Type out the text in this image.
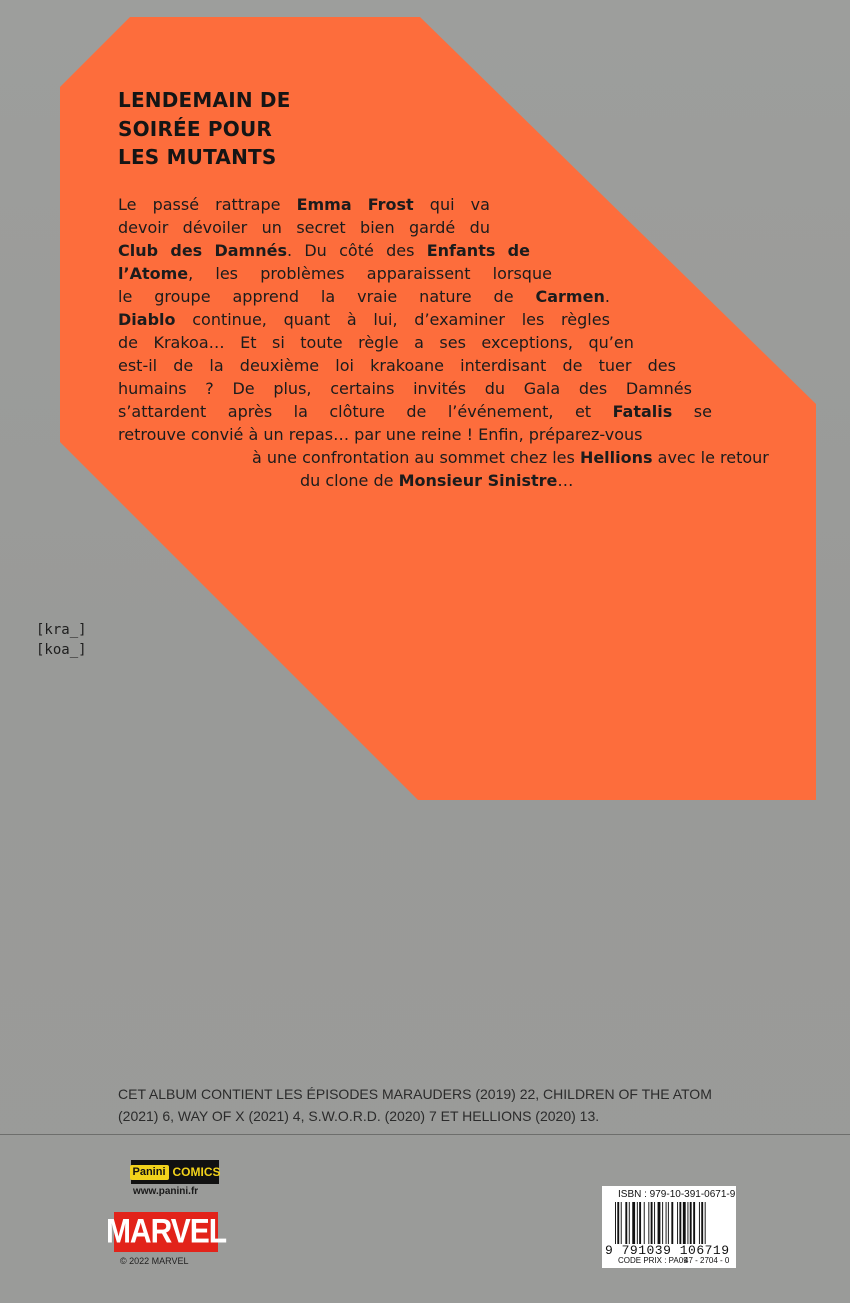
LENDEMAIN DE
SOIRÉE POUR
LES MUTANTS
Le passé rattrape Emma Frost qui va
devoir dévoiler un secret bien gardé du
Club des Damnés. Du côté des Enfants de
l’Atome, les problèmes apparaissent lorsque
le groupe apprend la vraie nature de Carmen.
Diablo continue, quant à lui, d’examiner les règles
de Krakoa… Et si toute règle a ses exceptions, qu’en
est-il de la deuxième loi krakoane interdisant de tuer des
humains ? De plus, certains invités du Gala des Damnés
s’attardent après la clôture de l’événement, et Fatalis se
retrouve convié à un repas… par une reine ! Enfin, préparez-vous
à une confrontation au sommet chez les Hellions avec le retour
du clone de Monsieur Sinistre…
[kra_]
[koa_]
CET ALBUM CONTIENT LES ÉPISODES MARAUDERS (2019) 22, CHILDREN OF THE ATOM (2021) 6, WAY OF X (2021) 4, S.W.O.R.D. (2020) 7 ET HELLIONS (2020) 13.
Panini COMICS
www.panini.fr
MARVEL
© 2022 MARVEL
ISBN : 979-10-391-0671-9
9 791039 106719
CODE PRIX : PA09
47 - 2704 - 0
